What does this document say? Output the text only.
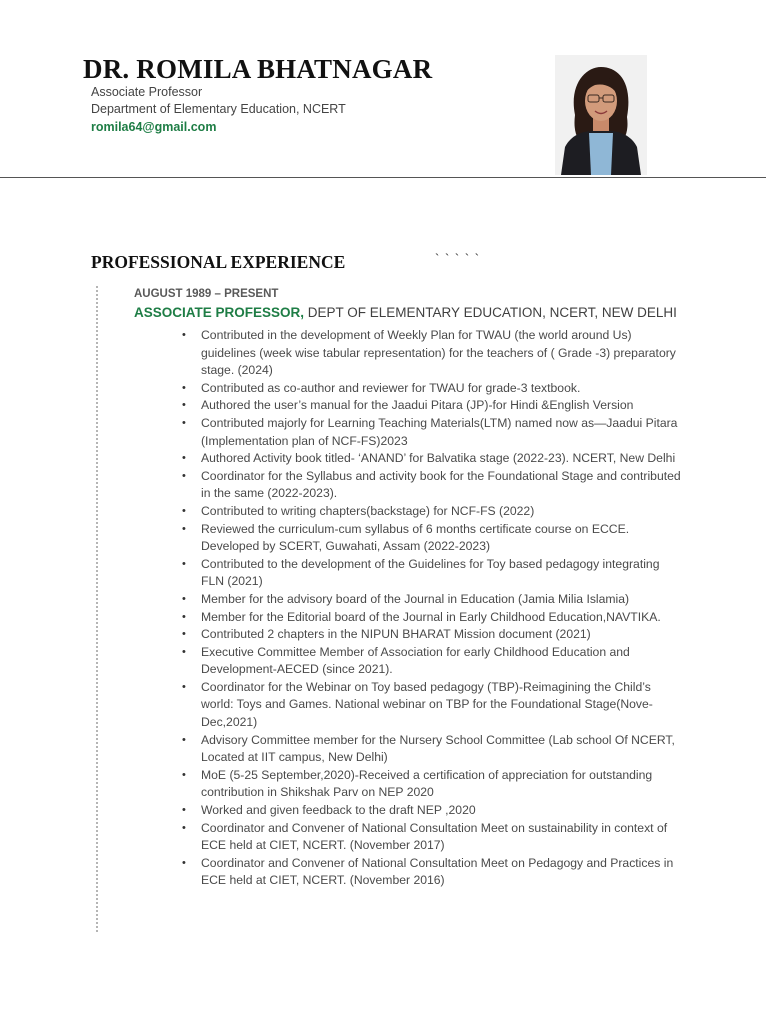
DR. ROMILA BHATNAGAR
Associate Professor
Department of Elementary Education, NCERT
romila64@gmail.com
PROFESSIONAL EXPERIENCE	` ` ` ` `
AUGUST 1989 – PRESENT
ASSOCIATE PROFESSOR, DEPT OF ELEMENTARY EDUCATION, NCERT, NEW DELHI
• Contributed in the development of Weekly Plan for TWAU (the world around Us) guidelines (week wise tabular representation) for the teachers of ( Grade -3) preparatory stage. (2024)
• Contributed as co-author and reviewer for TWAU for grade-3 textbook.
• Authored the user’s manual for the Jaadui Pitara (JP)-for Hindi &English Version
• Contributed majorly for Learning Teaching Materials(LTM) named now as—Jaadui Pitara (Implementation plan of NCF-FS)2023
• Authored Activity book titled- ‘ANAND’ for Balvatika stage (2022-23). NCERT, New Delhi
• Coordinator for the Syllabus and activity book for the Foundational Stage and contributed in the same (2022-2023).
• Contributed to writing chapters(backstage) for NCF-FS (2022)
• Reviewed the curriculum-cum syllabus of 6 months certificate course on ECCE. Developed by SCERT, Guwahati, Assam (2022-2023)
• Contributed to the development of the Guidelines for Toy based pedagogy integrating FLN (2021)
• Member for the advisory board of the Journal in Education (Jamia Milia Islamia)
• Member for the Editorial board of the Journal in Early Childhood Education,NAVTIKA.
• Contributed 2 chapters in the NIPUN BHARAT Mission document (2021)
• Executive Committee Member of Association for early Childhood Education and Development-AECED (since 2021).
• Coordinator for the Webinar on Toy based pedagogy (TBP)-Reimagining the Child’s world: Toys and Games. National webinar on TBP for the Foundational Stage(Nove-Dec,2021)
• Advisory Committee member for the Nursery School Committee (Lab school Of NCERT, Located at IIT campus, New Delhi)
• MoE (5-25 September,2020)-Received a certification of appreciation for outstanding contribution in Shikshak Parv on NEP 2020
• Worked and given feedback to the draft NEP ,2020
• Coordinator and Convener of National Consultation Meet on sustainability in context of ECE held at CIET, NCERT. (November 2017)
• Coordinator and Convener of National Consultation Meet on Pedagogy and Practices in ECE held at CIET, NCERT. (November 2016)
